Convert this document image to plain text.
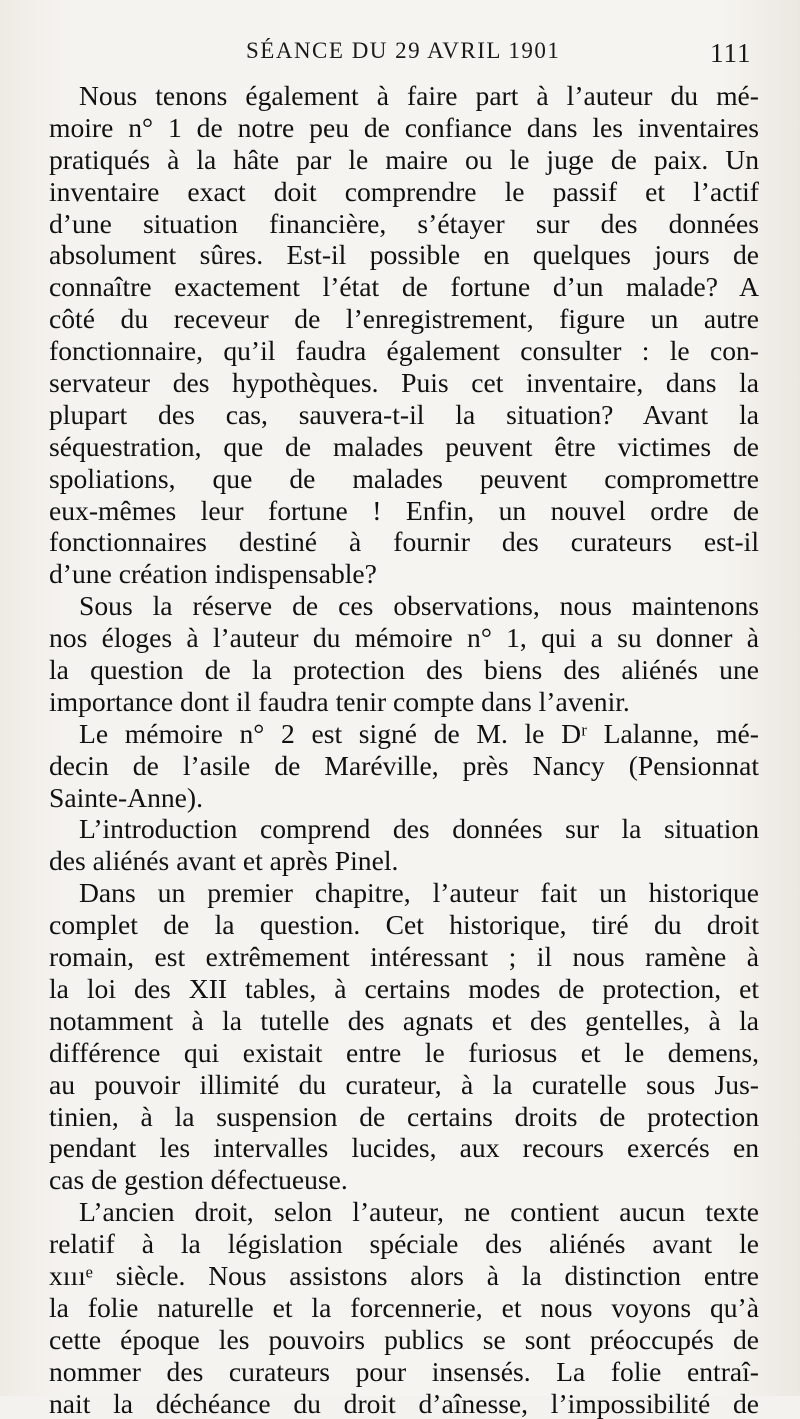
SÉANCE DU 29 AVRIL 1901	111
Nous tenons également à faire part à l’auteur du mé-
moire n° 1 de notre peu de confiance dans les inventaires
pratiqués à la hâte par le maire ou le juge de paix. Un
inventaire exact doit comprendre le passif et l’actif
d’une situation financière, s’étayer sur des données
absolument sûres. Est-il possible en quelques jours de
connaître exactement l’état de fortune d’un malade? A
côté du receveur de l’enregistrement, figure un autre
fonctionnaire, qu’il faudra également consulter : le con-
servateur des hypothèques. Puis cet inventaire, dans la
plupart des cas, sauvera-t-il la situation? Avant la
séquestration, que de malades peuvent être victimes de
spoliations, que de malades peuvent compromettre
eux-mêmes leur fortune ! Enfin, un nouvel ordre de
fonctionnaires destiné à fournir des curateurs est-il
d’une création indispensable?
Sous la réserve de ces observations, nous maintenons
nos éloges à l’auteur du mémoire n° 1, qui a su donner à
la question de la protection des biens des aliénés une
importance dont il faudra tenir compte dans l’avenir.
Le mémoire n° 2 est signé de M. le Dʳ Lalanne, mé-
decin de l’asile de Maréville, près Nancy (Pensionnat
Sainte-Anne).
L’introduction comprend des données sur la situation
des aliénés avant et après Pinel.
Dans un premier chapitre, l’auteur fait un historique
complet de la question. Cet historique, tiré du droit
romain, est extrêmement intéressant ; il nous ramène à
la loi des XII tables, à certains modes de protection, et
notamment à la tutelle des agnats et des gentelles, à la
différence qui existait entre le furiosus et le demens,
au pouvoir illimité du curateur, à la curatelle sous Jus-
tinien, à la suspension de certains droits de protection
pendant les intervalles lucides, aux recours exercés en
cas de gestion défectueuse.
L’ancien droit, selon l’auteur, ne contient aucun texte
relatif à la législation spéciale des aliénés avant le
xıııᵉ siècle. Nous assistons alors à la distinction entre
la folie naturelle et la forcennerie, et nous voyons qu’à
cette époque les pouvoirs publics se sont préoccupés de
nommer des curateurs pour insensés. La folie entraî-
nait la déchéance du droit d’aînesse, l’impossibilité de
